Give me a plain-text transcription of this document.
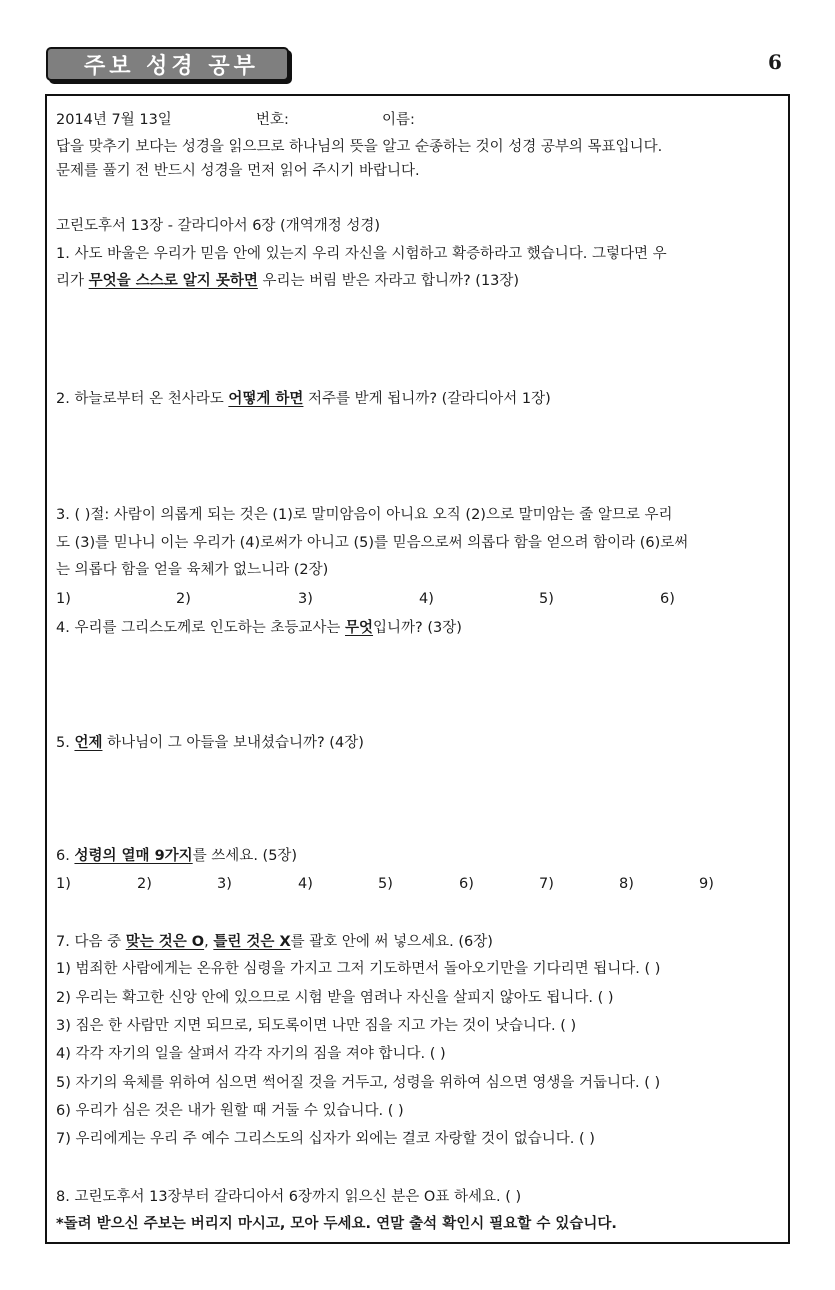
주보 성경 공부	6
2014년 7월 13일	번호:	이름:
답을 맞추기 보다는 성경을 읽으므로 하나님의 뜻을 알고 순종하는 것이 성경 공부의 목표입니다.
문제를 풀기 전 반드시 성경을 먼저 읽어 주시기 바랍니다.
고린도후서 13장 - 갈라디아서 6장 (개역개정 성경)
1. 사도 바울은 우리가 믿음 안에 있는지 우리 자신을 시험하고 확증하라고 했습니다. 그렇다면 우
리가 무엇을 스스로 알지 못하면 우리는 버림 받은 자라고 합니까? (13장)
2. 하늘로부터 온 천사라도 어떻게 하면 저주를 받게 됩니까? (갈라디아서 1장)
3. ( )절: 사람이 의롭게 되는 것은 (1)로 말미암음이 아니요 오직 (2)으로 말미암는 줄 알므로 우리
도 (3)를 믿나니 이는 우리가 (4)로써가 아니고 (5)를 믿음으로써 의롭다 함을 얻으려 함이라 (6)로써
는 의롭다 함을 얻을 육체가 없느니라 (2장)
1)	2)	3)	4)	5)	6)
4. 우리를 그리스도께로 인도하는 초등교사는 무엇입니까? (3장)
5. 언제 하나님이 그 아들을 보내셨습니까? (4장)
6. 성령의 열매 9가지를 쓰세요. (5장)
1)	2)	3)	4)	5)	6)	7)	8)	9)
7. 다음 중 맞는 것은 O, 틀린 것은 X를 괄호 안에 써 넣으세요. (6장)
1) 범죄한 사람에게는 온유한 심령을 가지고 그저 기도하면서 돌아오기만을 기다리면 됩니다. ( )
2) 우리는 확고한 신앙 안에 있으므로 시험 받을 염려나 자신을 살피지 않아도 됩니다. ( )
3) 짐은 한 사람만 지면 되므로, 되도록이면 나만 짐을 지고 가는 것이 낫습니다. ( )
4) 각각 자기의 일을 살펴서 각각 자기의 짐을 져야 합니다. ( )
5) 자기의 육체를 위하여 심으면 썩어질 것을 거두고, 성령을 위하여 심으면 영생을 거둡니다. ( )
6) 우리가 심은 것은 내가 원할 때 거둘 수 있습니다. ( )
7) 우리에게는 우리 주 예수 그리스도의 십자가 외에는 결코 자랑할 것이 없습니다. ( )
8. 고린도후서 13장부터 갈라디아서 6장까지 읽으신 분은 O표 하세요. ( )
*돌려 받으신 주보는 버리지 마시고, 모아 두세요. 연말 출석 확인시 필요할 수 있습니다.
